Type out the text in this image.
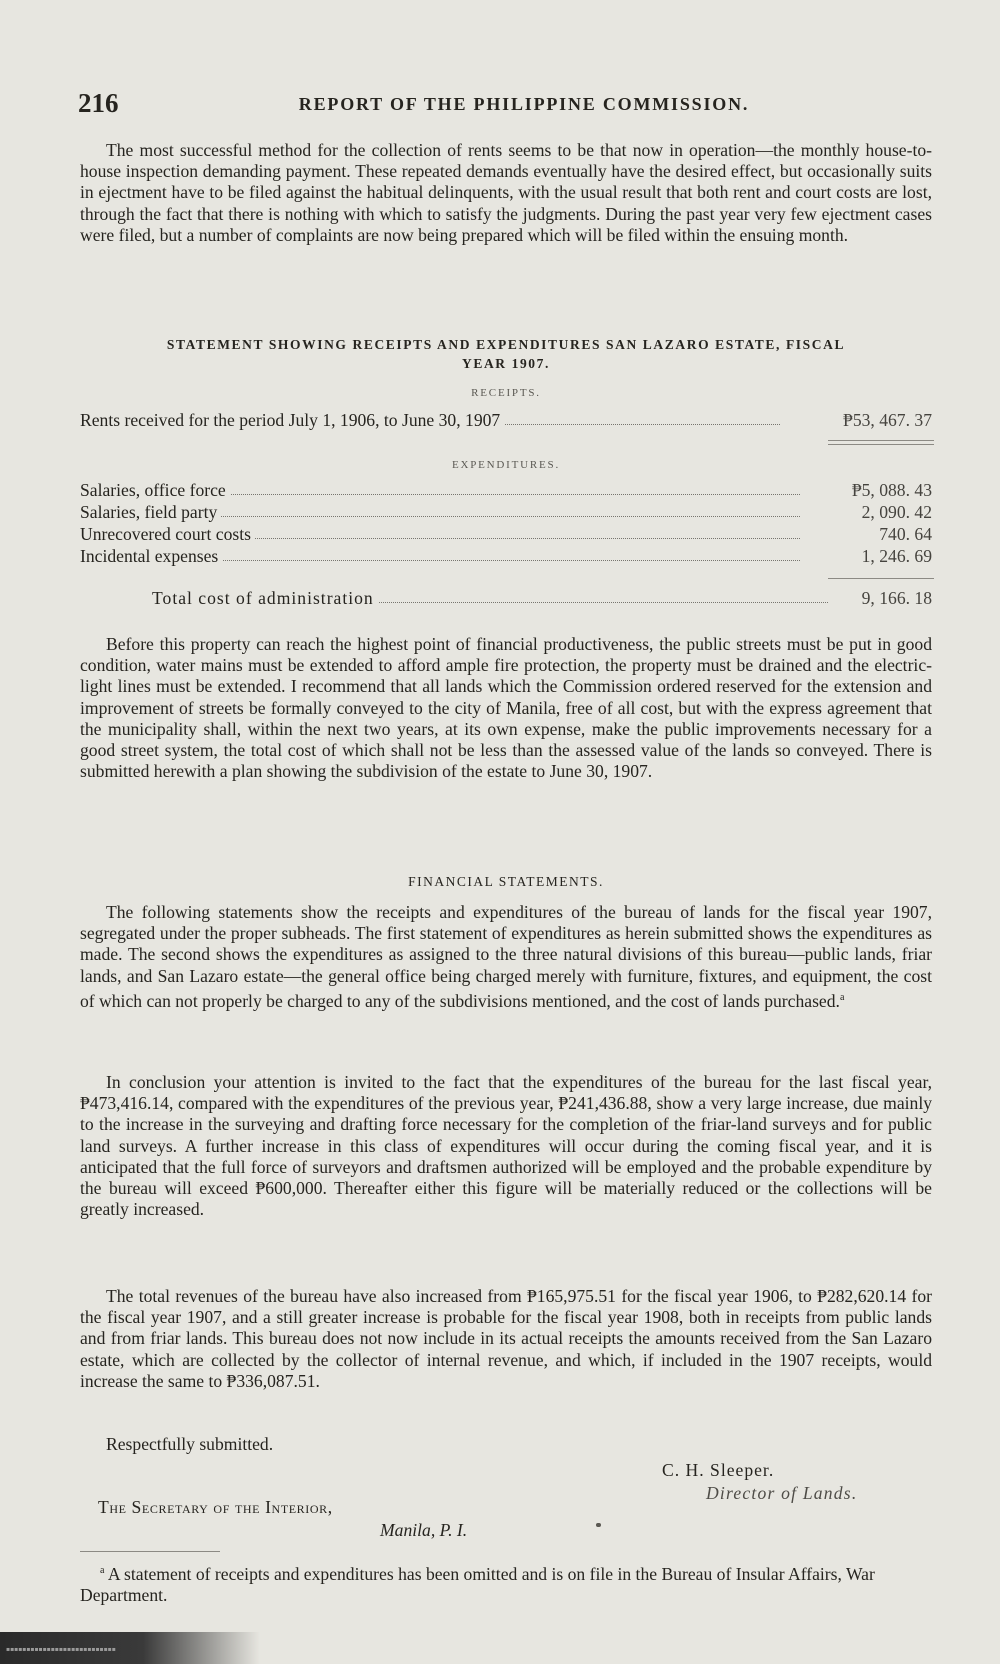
216	REPORT OF THE PHILIPPINE COMMISSION.

The most successful method for the collection of rents seems to be that now in operation—the monthly house-to-house inspection demanding payment. These repeated demands eventually have the desired effect, but occasionally suits in ejectment have to be filed against the habitual delinquents, with the usual result that both rent and court costs are lost, through the fact that there is nothing with which to satisfy the judgments. During the past year very few ejectment cases were filed, but a number of complaints are now being prepared which will be filed within the ensuing month.

STATEMENT SHOWING RECEIPTS AND EXPENDITURES SAN LAZARO ESTATE, FISCAL
YEAR 1907.
RECEIPTS.
Rents received for the period July 1, 1906, to June 30, 1907	₱53, 467. 37
EXPENDITURES.
Salaries, office force	₱5, 088. 43
Salaries, field party	2, 090. 42
Unrecovered court costs	740. 64
Incidental expenses	1, 246. 69
Total cost of administration	9, 166. 18

Before this property can reach the highest point of financial productiveness, the public streets must be put in good condition, water mains must be extended to afford ample fire protection, the property must be drained and the electric-light lines must be extended. I recommend that all lands which the Commission ordered reserved for the extension and improvement of streets be formally conveyed to the city of Manila, free of all cost, but with the express agreement that the municipality shall, within the next two years, at its own expense, make the public improvements necessary for a good street system, the total cost of which shall not be less than the assessed value of the lands so conveyed. There is submitted herewith a plan showing the subdivision of the estate to June 30, 1907.

FINANCIAL STATEMENTS.

The following statements show the receipts and expenditures of the bureau of lands for the fiscal year 1907, segregated under the proper subheads. The first statement of expenditures as herein submitted shows the expenditures as made. The second shows the expenditures as assigned to the three natural divisions of this bureau—public lands, friar lands, and San Lazaro estate—the general office being charged merely with furniture, fixtures, and equipment, the cost of which can not properly be charged to any of the subdivisions mentioned, and the cost of lands purchased.$^a$

In conclusion your attention is invited to the fact that the expenditures of the bureau for the last fiscal year, ₱473,416.14, compared with the expenditures of the previous year, ₱241,436.88, show a very large increase, due mainly to the increase in the surveying and drafting force necessary for the completion of the friar-land surveys and for public land surveys. A further increase in this class of expenditures will occur during the coming fiscal year, and it is anticipated that the full force of surveyors and draftsmen authorized will be employed and the probable expenditure by the bureau will exceed ₱600,000. Thereafter either this figure will be materially reduced or the collections will be greatly increased.

The total revenues of the bureau have also increased from ₱165,975.51 for the fiscal year 1906, to ₱282,620.14 for the fiscal year 1907, and a still greater increase is probable for the fiscal year 1908, both in receipts from public lands and from friar lands. This bureau does not now include in its actual receipts the amounts received from the San Lazaro estate, which are collected by the collector of internal revenue, and which, if included in the 1907 receipts, would increase the same to ₱336,087.51.

Respectfully submitted.

C. H. Sleeper.
Director of Lands.
The Secretary of the Interior,
Manila, P. I.

$^a$ A statement of receipts and expenditures has been omitted and is on file in the Bureau of Insular Affairs, War Department.

▪▪▪▪▪▪▪▪▪▪▪▪▪▪▪▪▪▪▪▪▪▪▪▪▪▪▪
